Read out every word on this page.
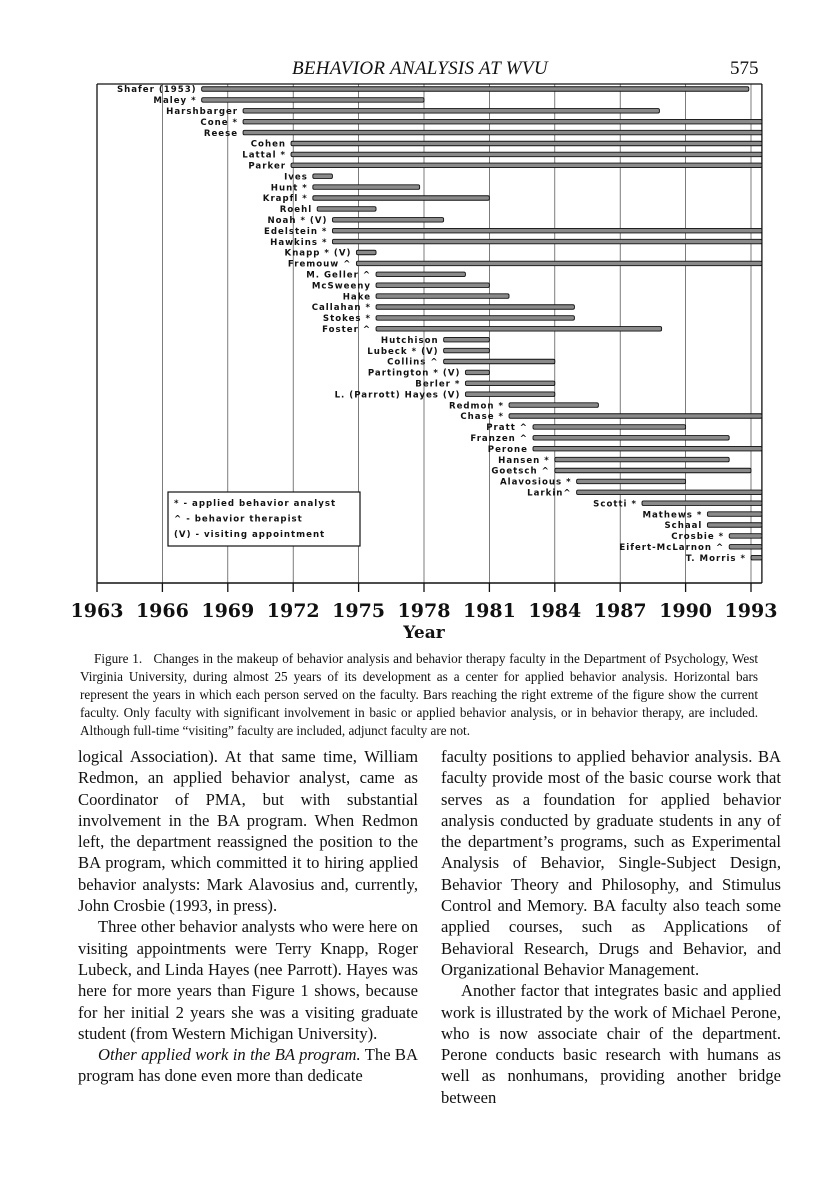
BEHAVIOR ANALYSIS AT WVU	575
Shafer (1953)
Maley *
Harshbarger
Cone *
Reese
Cohen
Lattal *
Parker
Ives
Hunt *
Krapfl *
Roehl
Noah * (V)
Edelstein *
Hawkins *
Knapp * (V)
Fremouw ^
M. Geller ^
McSweeny
Hake
Callahan *
Stokes *
Foster ^
Hutchison
Lubeck * (V)
Collins ^
Partington * (V)
Berler *
L. (Parrott) Hayes (V)
Redmon *
Chase *
Pratt ^
Franzen ^
Perone
Hansen *
Goetsch ^
Alavosious *
Larkin^
Scotti *
Mathews *
Schaal
Crosbie *
Eifert-McLarnon ^
T. Morris *
1963 1966 1969 1972 1975 1978 1981 1984 1987 1990 1993
* - applied behavior analyst
^ - behavior therapist
(V) - visiting appointment
Year
Figure 1. Changes in the makeup of behavior analysis and behavior therapy faculty in the Department of Psychology, West Virginia University, during almost 25 years of its development as a center for applied behavior analysis. Horizontal bars represent the years in which each person served on the faculty. Bars reaching the right extreme of the figure show the current faculty. Only faculty with significant involvement in basic or applied behavior analysis, or in behavior therapy, are included. Although full-time “visiting” faculty are included, adjunct faculty are not.

logical Association). At that same time, William Redmon, an applied behavior analyst, came as Coordinator of PMA, but with substantial involvement in the BA program. When Redmon left, the department reassigned the position to the BA program, which committed it to hiring applied behavior analysts: Mark Alavosius and, currently, John Crosbie (1993, in press).

Three other behavior analysts who were here on visiting appointments were Terry Knapp, Roger Lubeck, and Linda Hayes (nee Parrott). Hayes was here for more years than Figure 1 shows, because for her initial 2 years she was a visiting graduate student (from Western Michigan University).

Other applied work in the BA program. The BA program has done even more than dedicate

faculty positions to applied behavior analysis. BA faculty provide most of the basic course work that serves as a foundation for applied behavior analysis conducted by graduate students in any of the department’s programs, such as Experimental Analysis of Behavior, Single-Subject Design, Behavior Theory and Philosophy, and Stimulus Control and Memory. BA faculty also teach some applied courses, such as Applications of Behavioral Research, Drugs and Behavior, and Organizational Behavior Management.

Another factor that integrates basic and applied work is illustrated by the work of Michael Perone, who is now associate chair of the department. Perone conducts basic research with humans as well as nonhumans, providing another bridge between
